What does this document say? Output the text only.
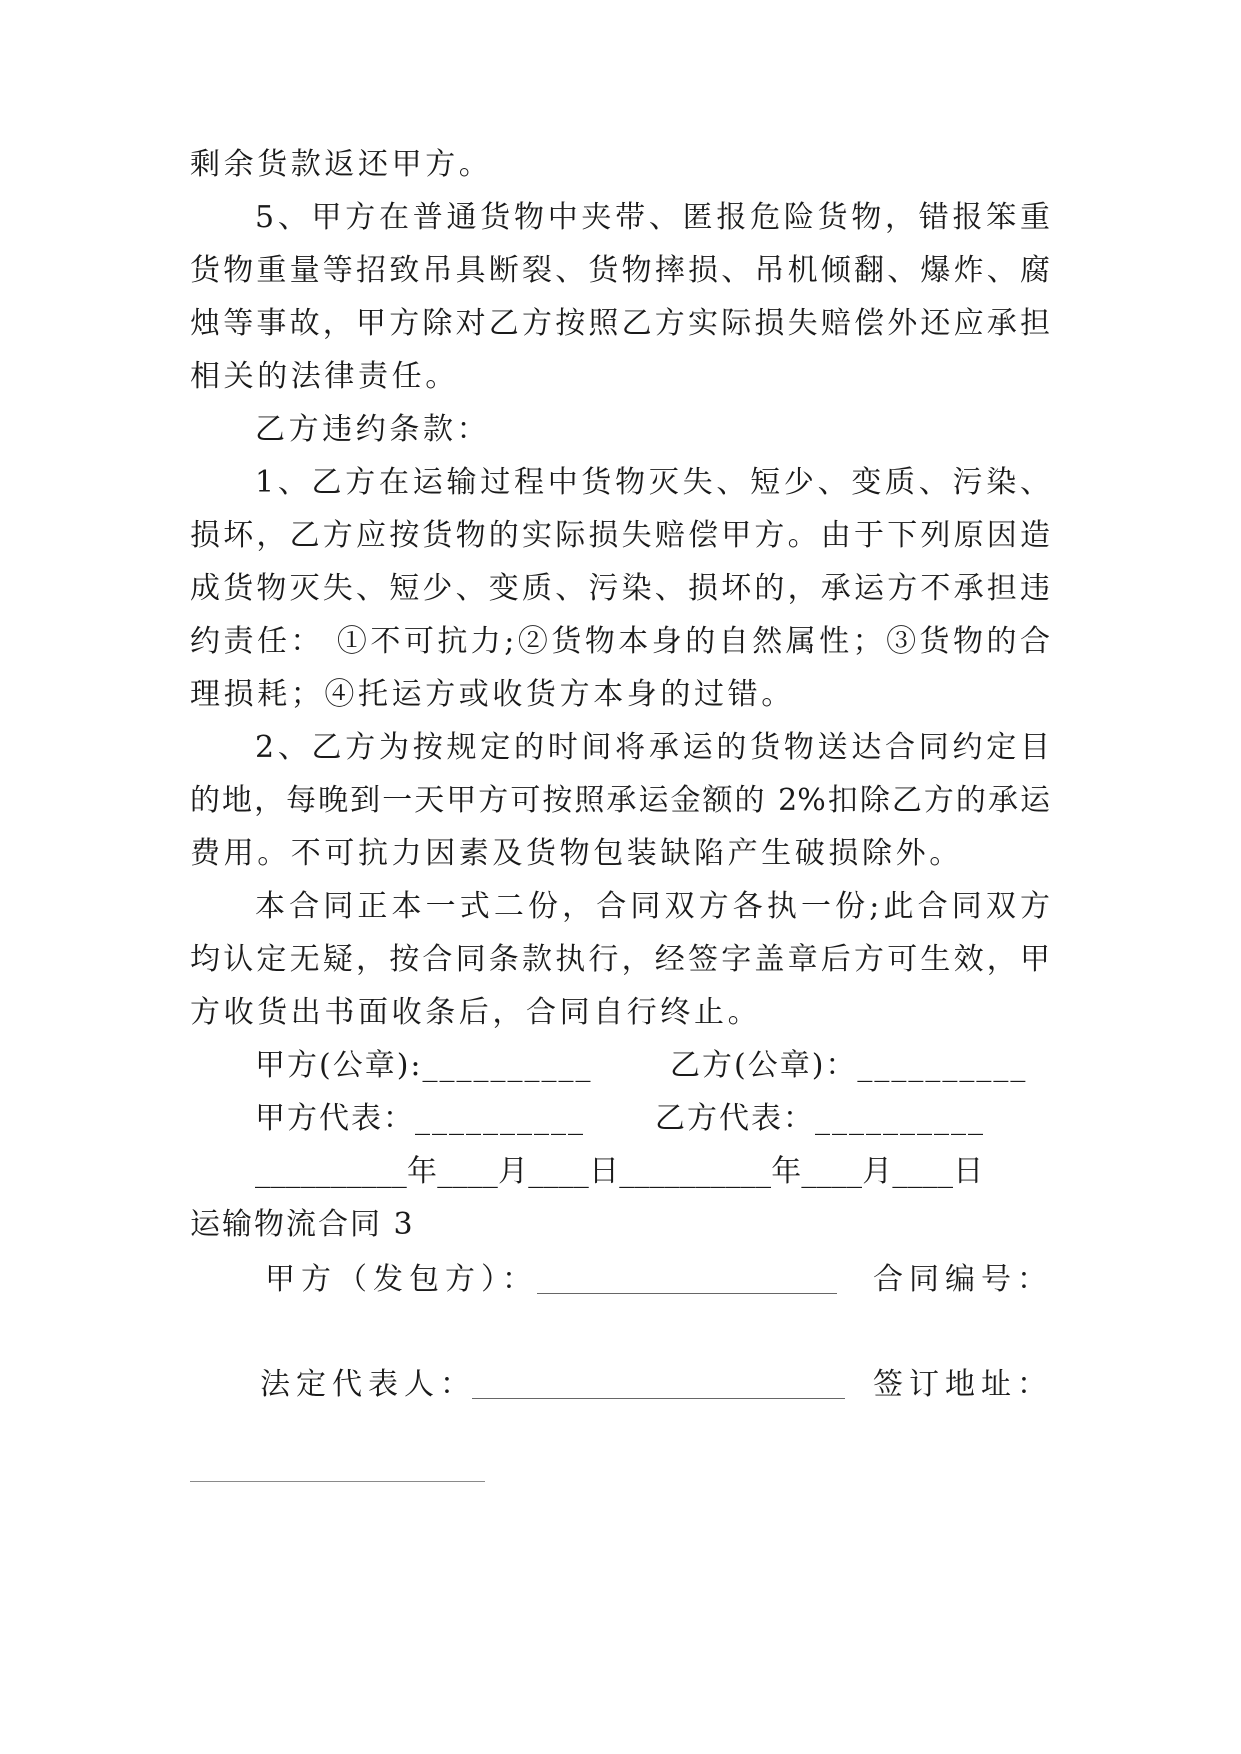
剩余货款返还甲方。
5、甲方在普通货物中夹带、匿报危险货物，错报笨重
货物重量等招致吊具断裂、货物摔损、吊机倾翻、爆炸、腐
烛等事故，甲方除对乙方按照乙方实际损失赔偿外还应承担
相关的法律责任。
乙方违约条款：
1、乙方在运输过程中货物灭失、短少、变质、污染、
损坏，乙方应按货物的实际损失赔偿甲方。由于下列原因造
成货物灭失、短少、变质、污染、损坏的，承运方不承担违
约责任： ①不可抗力;②货物本身的自然属性；③货物的合
理损耗；④托运方或收货方本身的过错。
2、乙方为按规定的时间将承运的货物送达合同约定目
的地，每晚到一天甲方可按照承运金额的 2%扣除乙方的承运
费用。不可抗力因素及货物包装缺陷产生破损除外。
本合同正本一式二份，合同双方各执一份;此合同双方
均认定无疑，按合同条款执行，经签字盖章后方可生效，甲
方收货出书面收条后，合同自行终止。
甲方(公章):__________	乙方(公章)：__________
甲方代表：__________ 乙方代表：__________
__________年____月____日__________年____月____日
运输物流合同 3
甲方（发包方）：	合同编号：
法定代表人：	签订地址：
